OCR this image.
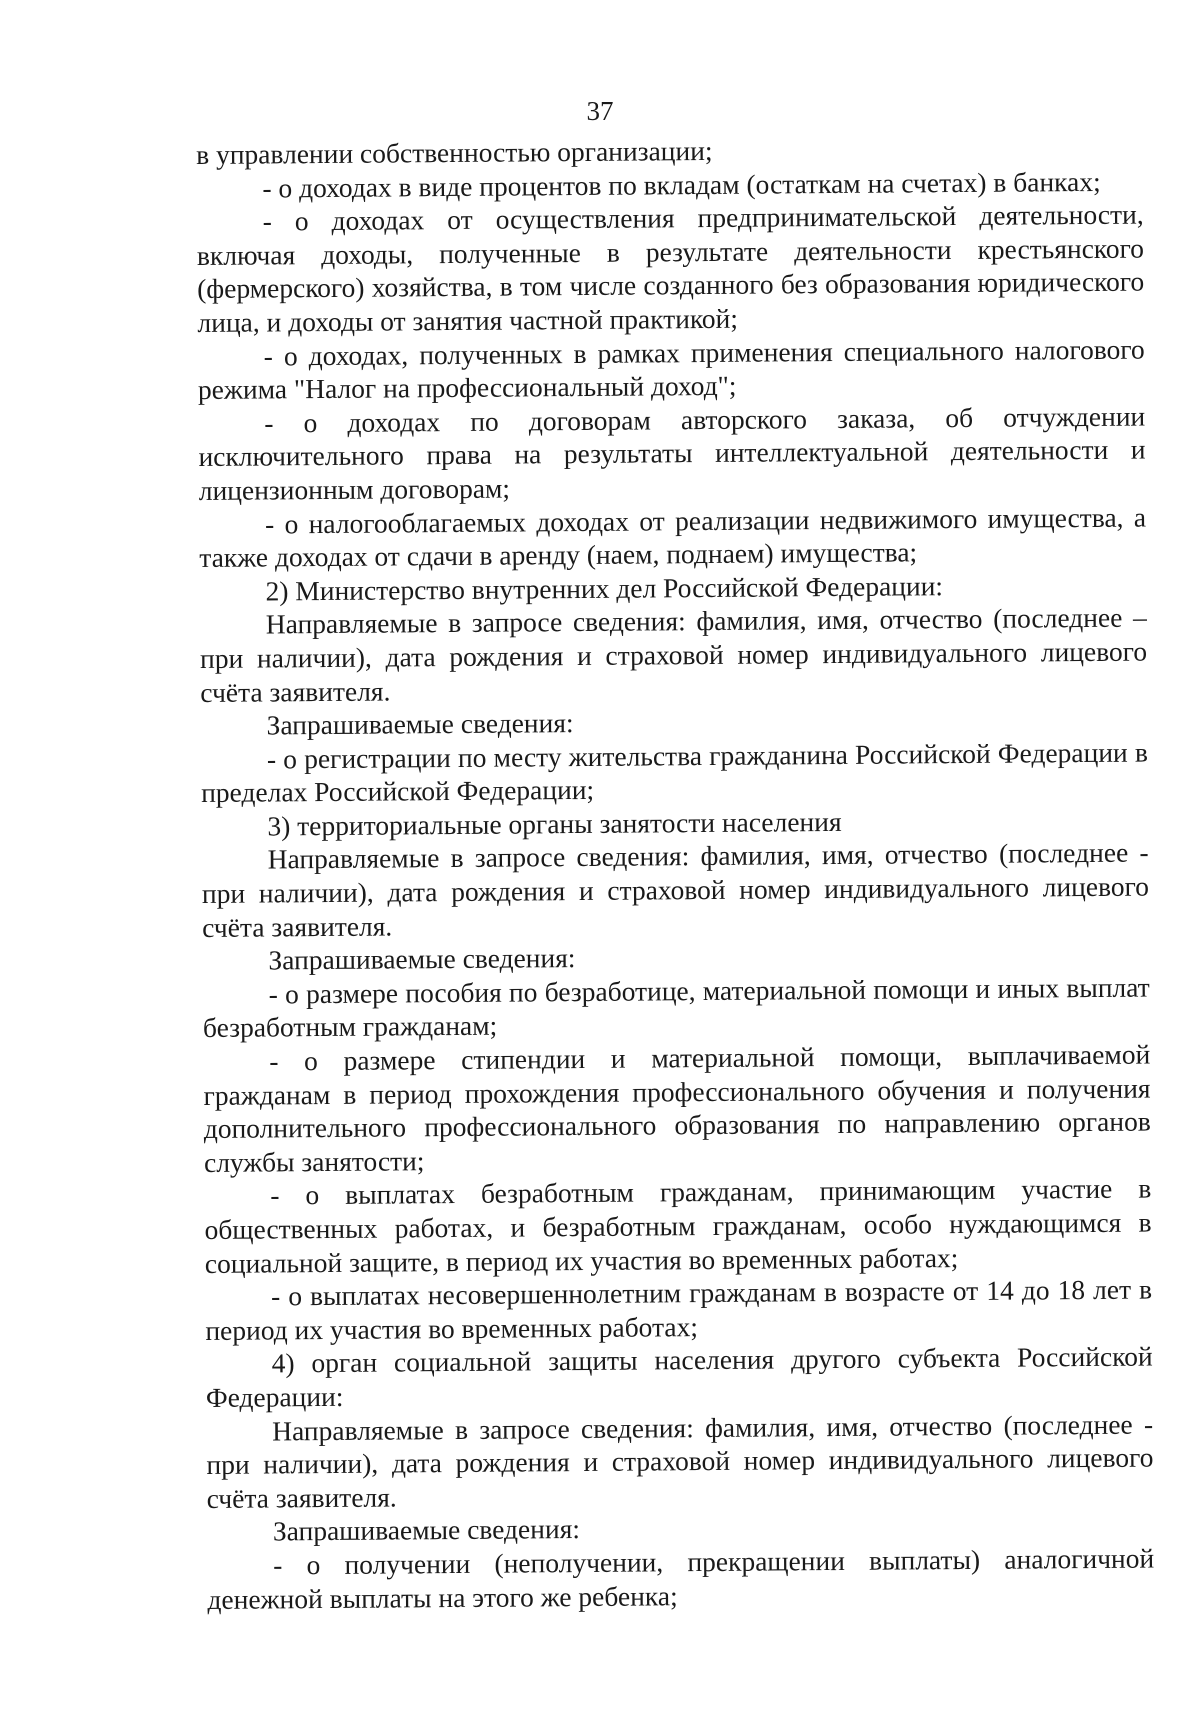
37

в управлении собственностью организации;

- о доходах в виде процентов по вкладам (остаткам на счетах) в банках;

- о доходах от осуществления предпринимательской деятельности, включая доходы, полученные в результате деятельности крестьянского (фермерского) хозяйства, в том числе созданного без образования юридического лица, и доходы от занятия частной практикой;

- о доходах, полученных в рамках применения специального налогового режима "Налог на профессиональный доход";

- о доходах по договорам авторского заказа, об отчуждении исключительного права на результаты интеллектуальной деятельности и лицензионным договорам;

- о налогооблагаемых доходах от реализации недвижимого имущества, а также доходах от сдачи в аренду (наем, поднаем) имущества;

2) Министерство внутренних дел Российской Федерации:

Направляемые в запросе сведения: фамилия, имя, отчество (последнее – при наличии), дата рождения и страховой номер индивидуального лицевого счёта заявителя.

Запрашиваемые сведения:

- о регистрации по месту жительства гражданина Российской Федерации в пределах Российской Федерации;

3) территориальные органы занятости населения

Направляемые в запросе сведения: фамилия, имя, отчество (последнее - при наличии), дата рождения и страховой номер индивидуального лицевого счёта заявителя.

Запрашиваемые сведения:

- о размере пособия по безработице, материальной помощи и иных выплат безработным гражданам;

- о размере стипендии и материальной помощи, выплачиваемой гражданам в период прохождения профессионального обучения и получения дополнительного профессионального образования по направлению органов службы занятости;

- о выплатах безработным гражданам, принимающим участие в общественных работах, и безработным гражданам, особо нуждающимся в социальной защите, в период их участия во временных работах;

- о выплатах несовершеннолетним гражданам в возрасте от 14 до 18 лет в период их участия во временных работах;

4) орган социальной защиты населения другого субъекта Российской Федерации:

Направляемые в запросе сведения: фамилия, имя, отчество (последнее - при наличии), дата рождения и страховой номер индивидуального лицевого счёта заявителя.

Запрашиваемые сведения:

- о получении (неполучении, прекращении выплаты) аналогичной денежной выплаты на этого же ребенка;
